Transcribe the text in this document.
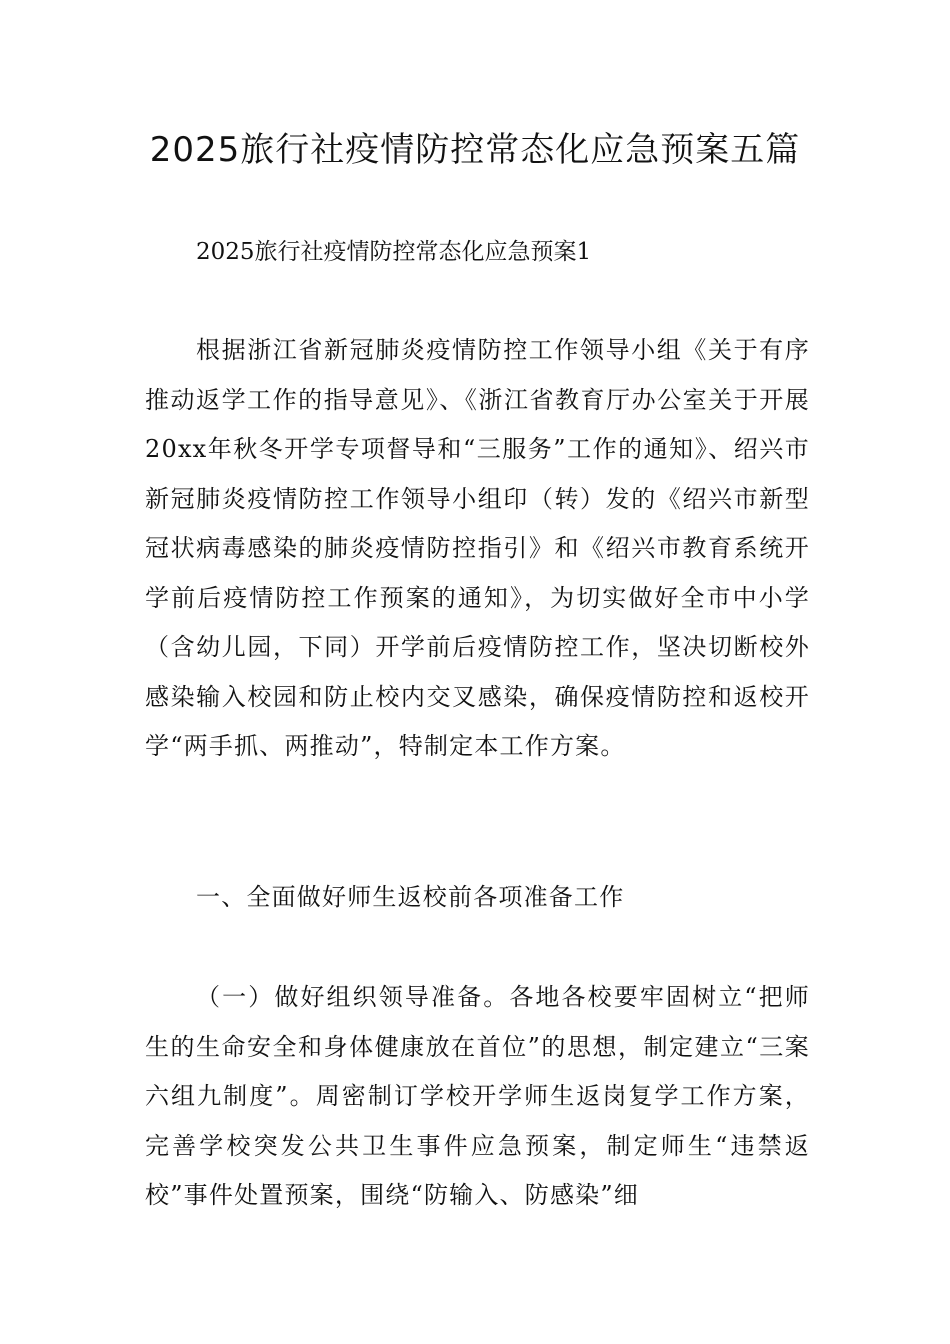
2025旅行社疫情防控常态化应急预案五篇

2025旅行社疫情防控常态化应急预案1

根据浙江省新冠肺炎疫情防控工作领导小组《关于有序推动返学工作的指导意见》、《浙江省教育厅办公室关于开展20xx年秋冬开学专项督导和“三服务”工作的通知》、绍兴市新冠肺炎疫情防控工作领导小组印（转）发的《绍兴市新型冠状病毒感染的肺炎疫情防控指引》和《绍兴市教育系统开学前后疫情防控工作预案的通知》，为切实做好全市中小学（含幼儿园，下同）开学前后疫情防控工作，坚决切断校外感染输入校园和防止校内交叉感染，确保疫情防控和返校开学“两手抓、两推动”，特制定本工作方案。

一、全面做好师生返校前各项准备工作

（一）做好组织领导准备。各地各校要牢固树立“把师生的生命安全和身体健康放在首位”的思想，制定建立“三案六组九制度”。周密制订学校开学师生返岗复学工作方案，完善学校突发公共卫生事件应急预案，制定师生“违禁返校”事件处置预案，围绕“防输入、防感染”细
